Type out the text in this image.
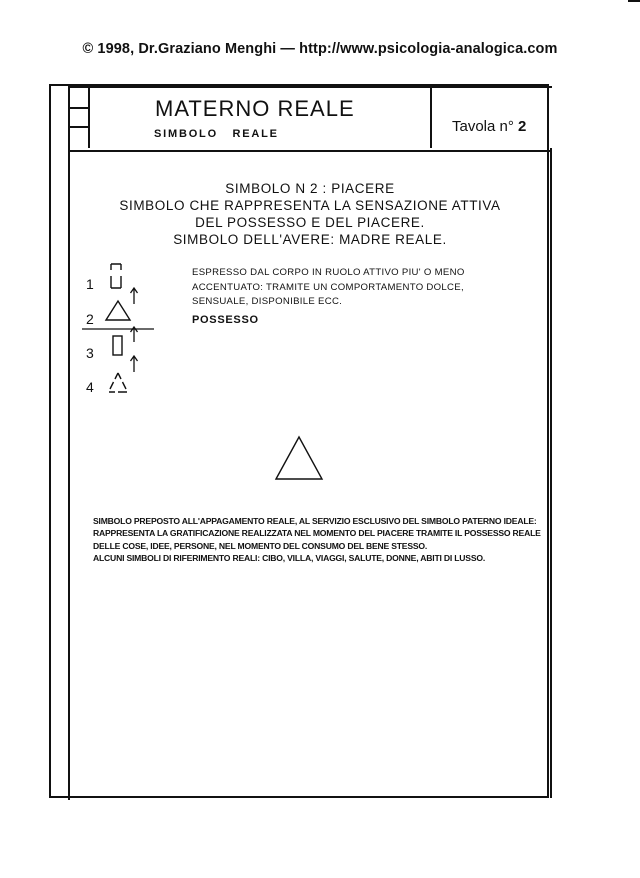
© 1998, Dr.Graziano Menghi — http://www.psicologia-analogica.com
MATERNO REALE
SIMBOLO   REALE	Tavola n° 2
SIMBOLO N 2 : PIACERE
SIMBOLO CHE RAPPRESENTA LA SENSAZIONE ATTIVA
DEL POSSESSO E DEL PIACERE.
SIMBOLO DELL'AVERE: MADRE REALE.
1
2
3
4
ESPRESSO DAL CORPO IN RUOLO ATTIVO PIU' O MENO
ACCENTUATO: TRAMITE UN COMPORTAMENTO DOLCE,
SENSUALE, DISPONIBILE ECC.
POSSESSO
SIMBOLO PREPOSTO ALL'APPAGAMENTO REALE, AL SERVIZIO ESCLUSIVO DEL SIMBOLO PATERNO IDEALE:
RAPPRESENTA LA GRATIFICAZIONE REALIZZATA NEL MOMENTO DEL PIACERE TRAMITE IL POSSESSO REALE
DELLE COSE, IDEE, PERSONE, NEL MOMENTO DEL CONSUMO DEL BENE STESSO.
ALCUNI SIMBOLI DI RIFERIMENTO REALI: CIBO, VILLA, VIAGGI, SALUTE, DONNE, ABITI DI LUSSO.
